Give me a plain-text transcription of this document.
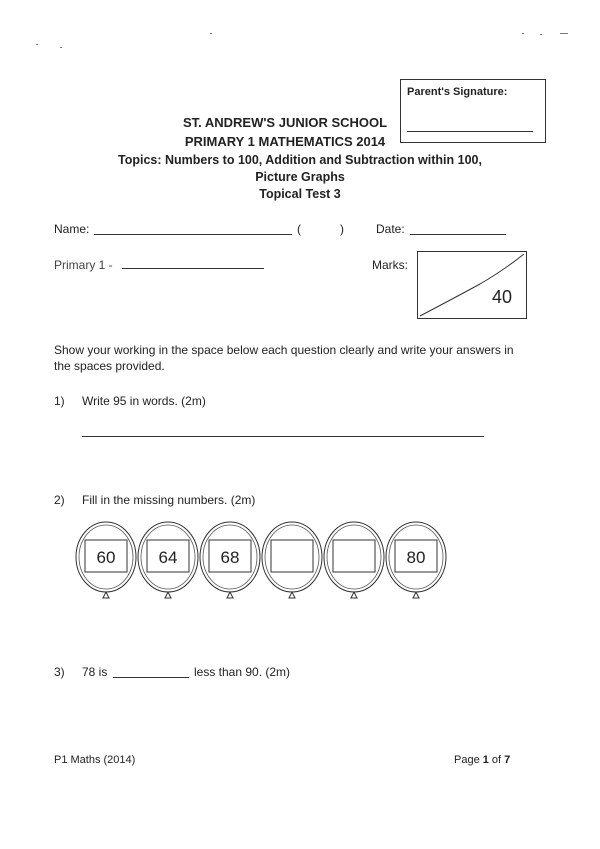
Parent's Signature:
ST. ANDREW'S JUNIOR SCHOOL
PRIMARY 1 MATHEMATICS 2014
Topics: Numbers to 100, Addition and Subtraction within 100,
Picture Graphs
Topical Test 3
Name:	(	)	Date:
Primary 1 -	Marks:
40
Show your working in the space below each question clearly and write your answers in the spaces provided.
1) Write 95 in words. (2m)
2) Fill in the missing numbers. (2m)
60	64	68	80
3) 78 is	less than 90. (2m)
P1 Maths (2014)	Page 1 of 7
